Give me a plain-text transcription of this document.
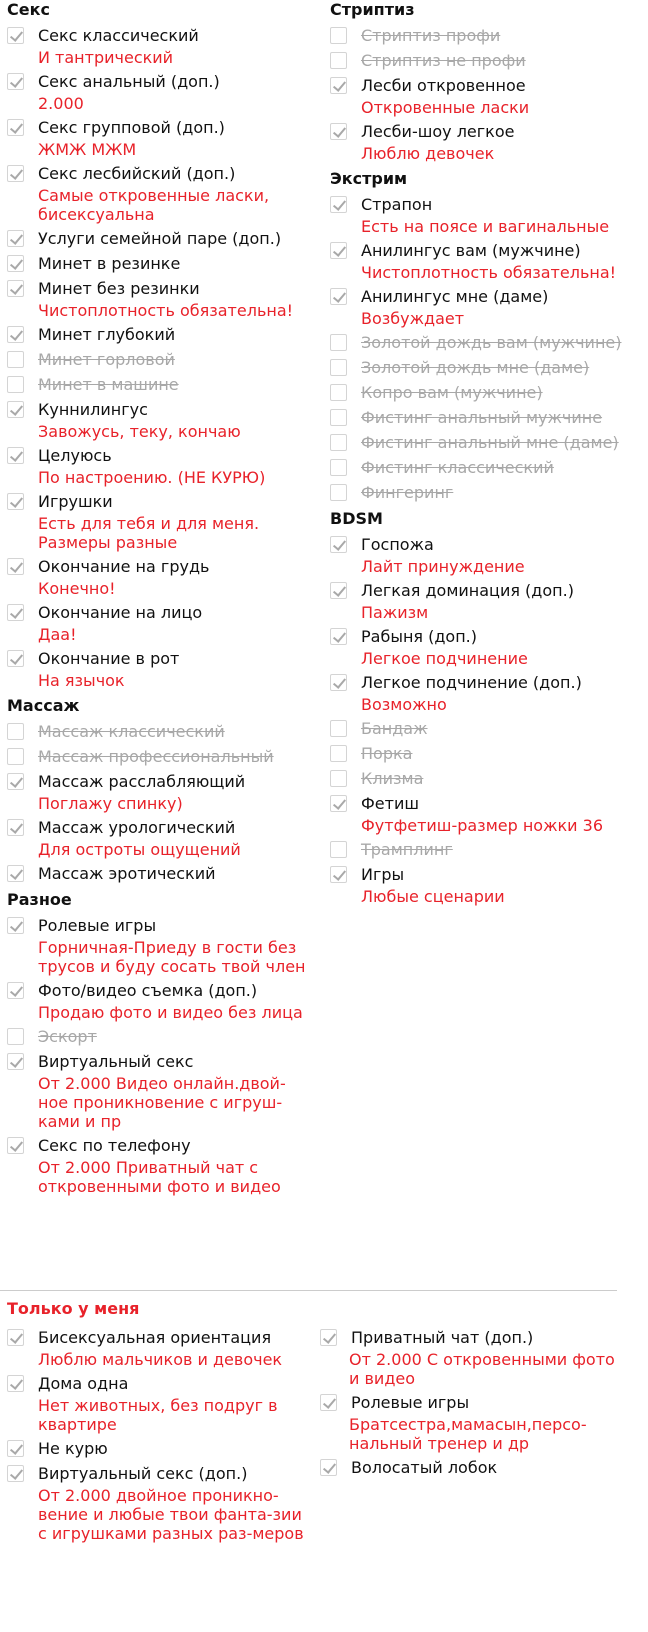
Секс
Секс классический
И тантрический
Секс анальный (доп.)
2.000
Секс групповой (доп.)
ЖМЖ МЖМ
Секс лесбийский (доп.)
Самые откровенные ласки, бисексуальна
Услуги семейной паре (доп.)
Минет в резинке
Минет без резинки
Чистоплотность обязательна!
Минет глубокий
Минет горловой
Минет в машине
Куннилингус
Завожусь, теку, кончаю
Целуюсь
По настроению. (НЕ КУРЮ)
Игрушки
Есть для тебя и для меня. Размеры разные
Окончание на грудь
Конечно!
Окончание на лицо
Даа!
Окончание в рот
На язычок
Массаж
Массаж классический
Массаж профессиональный
Массаж расслабляющий
Поглажу спинку)
Массаж урологический
Для остроты ощущений
Массаж эротический
Разное
Ролевые игры
Горничная-Приеду в гости без трусов и буду сосать твой член
Фото/видео съемка (доп.)
Продаю фото и видео без лица
Эскорт
Виртуальный секс
От 2.000 Видео онлайн.двой-ное проникновение с игруш-ками и пр
Секс по телефону
От 2.000 Приватный чат с откровенными фото и видео
Стриптиз
Стриптиз профи
Стриптиз не профи
Лесби откровенное
Откровенные ласки
Лесби-шоу легкое
Люблю девочек
Экстрим
Страпон
Есть на поясе и вагинальные
Анилингус вам (мужчине)
Чистоплотность обязательна!
Анилингус мне (даме)
Возбуждает
Золотой дождь вам (мужчине)
Золотой дождь мне (даме)
Копро вам (мужчине)
Фистинг анальный мужчине
Фистинг анальный мне (даме)
Фистинг классический
Фингеринг
BDSM
Госпожа
Лайт принуждение
Легкая доминация (доп.)
Пажизм
Рабыня (доп.)
Легкое подчинение
Легкое подчинение (доп.)
Возможно
Бандаж
Порка
Клизма
Фетиш
Футфетиш-размер ножки 36
Трамплинг
Игры
Любые сценарии
Только у меня
Бисексуальная ориентация
Люблю мальчиков и девочек
Дома одна
Нет животных, без подруг в квартире
Не курю
Виртуальный секс (доп.)
От 2.000 двойное проникно-вение и любые твои фанта-зии с игрушками разных раз-меров
Приватный чат (доп.)
От 2.000 С откровенными фото и видео
Ролевые игры
Братсестра,мамасын,персо-нальный тренер и др
Волосатый лобок
